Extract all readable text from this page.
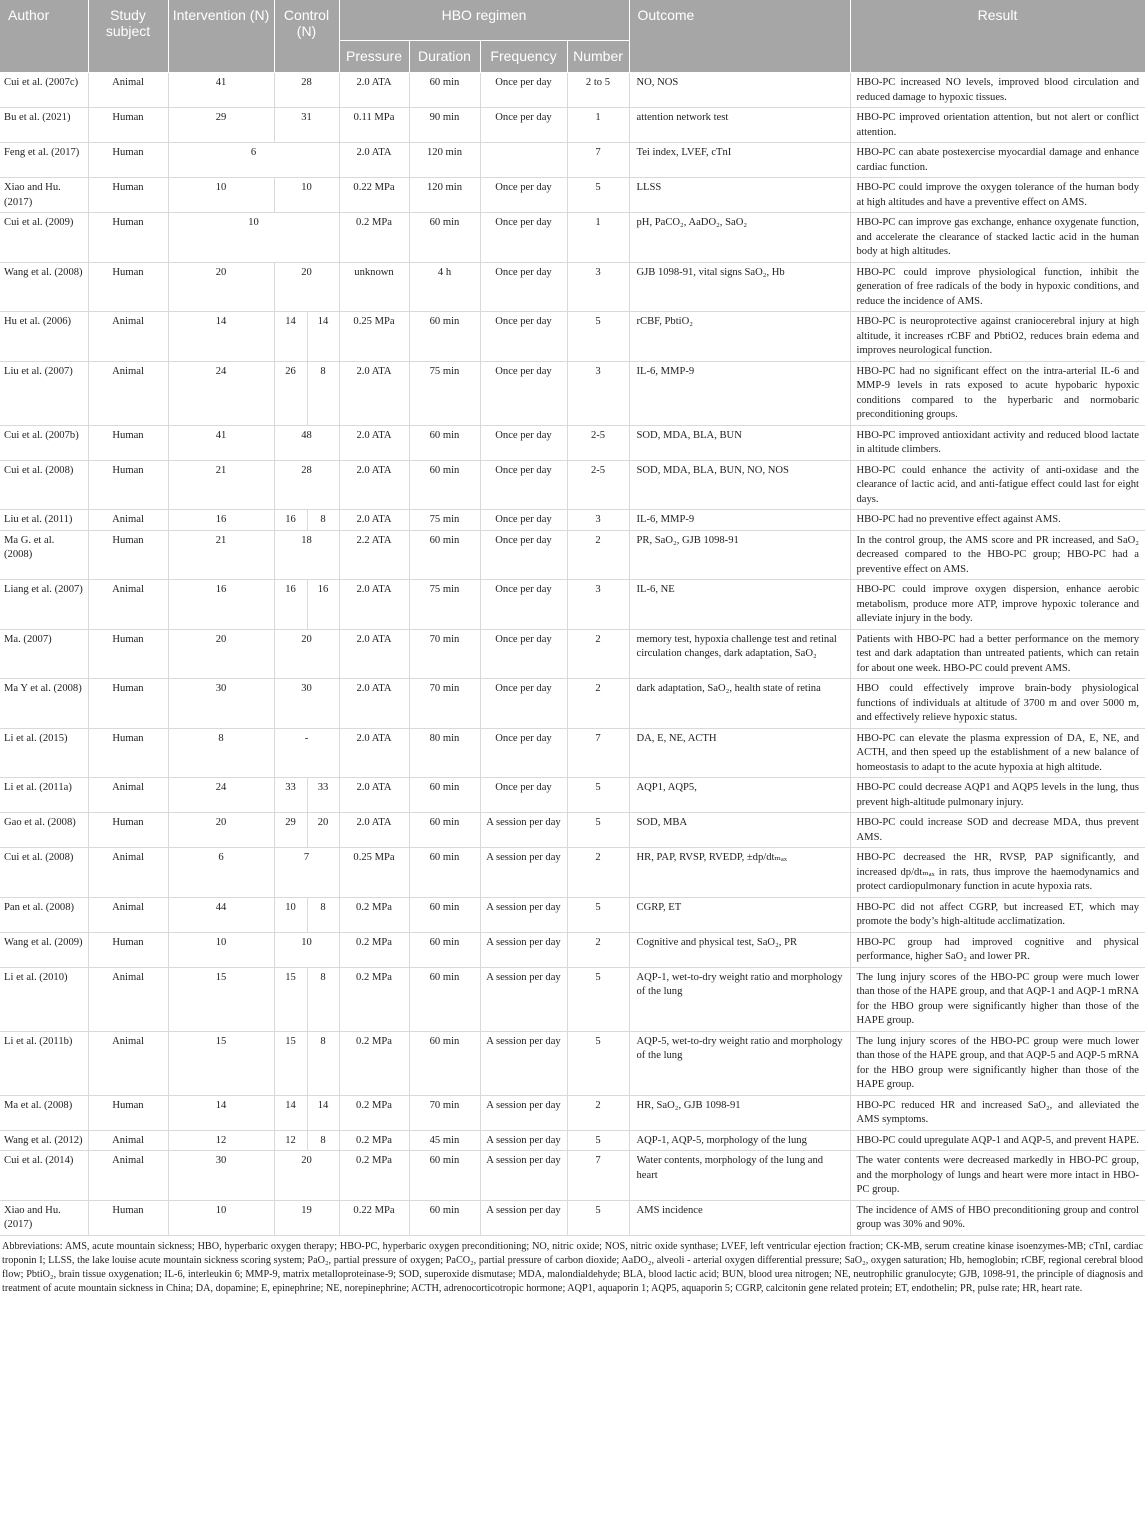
Author	Study subject	Intervention (N)	Control (N)		HBO regimen				Outcome	Result
					Pressure	Duration	Frequency	Number		
Cui et al. (2007c)	Animal	41	28		2.0 ATA	60 min	Once per day	2 to 5	NO, NOS	HBO-PC increased NO levels, improved blood circulation and reduced damage to hypoxic tissues.
Bu et al. (2021)	Human	29	31		0.11 MPa	90 min	Once per day	1	attention network test	HBO-PC improved orientation attention, but not alert or conflict attention.
Feng et al. (2017)	Human	6			2.0 ATA	120 min		7	Tei index, LVEF, cTnI	HBO-PC can abate postexercise myocardial damage and enhance cardiac function.
Xiao and Hu. (2017)	Human	10	10		0.22 MPa	120 min	Once per day	5	LLSS	HBO-PC could improve the oxygen tolerance of the human body at high altitudes and have a preventive effect on AMS.
Cui et al. (2009)	Human	10			0.2 MPa	60 min	Once per day	1	pH, PaCO₂, AaDO₂, SaO₂	HBO-PC can improve gas exchange, enhance oxygenate function, and accelerate the clearance of stacked lactic acid in the human body at high altitudes.
Wang et al. (2008)	Human	20	20		unknown	4 h	Once per day	3	GJB 1098-91, vital signs SaO₂, Hb	HBO-PC could improve physiological function, inhibit the generation of free radicals of the body in hypoxic conditions, and reduce the incidence of AMS.
Hu et al. (2006)	Animal	14	14	14	0.25 MPa	60 min	Once per day	5	rCBF, PbtiO₂	HBO-PC is neuroprotective against craniocerebral injury at high altitude, it increases rCBF and PbtiO2, reduces brain edema and improves neurological function.
Liu et al. (2007)	Animal	24	26	8	2.0 ATA	75 min	Once per day	3	IL-6, MMP-9	HBO-PC had no significant effect on the intra-arterial IL-6 and MMP-9 levels in rats exposed to acute hypobaric hypoxic conditions compared to the hyperbaric and normobaric preconditioning groups.
Cui et al. (2007b)	Human	41	48		2.0 ATA	60 min	Once per day	2-5	SOD, MDA, BLA, BUN	HBO-PC improved antioxidant activity and reduced blood lactate in altitude climbers.
Cui et al. (2008)	Human	21	28		2.0 ATA	60 min	Once per day	2-5	SOD, MDA, BLA, BUN, NO, NOS	HBO-PC could enhance the activity of anti-oxidase and the clearance of lactic acid, and anti-fatigue effect could last for eight days.
Liu et al. (2011)	Animal	16	16	8	2.0 ATA	75 min	Once per day	3	IL-6, MMP-9	HBO-PC had no preventive effect against AMS.
Ma G. et al. (2008)	Human	21	18		2.2 ATA	60 min	Once per day	2	PR, SaO₂, GJB 1098-91	In the control group, the AMS score and PR increased, and SaO₂ decreased compared to the HBO-PC group; HBO-PC had a preventive effect on AMS.
Liang et al. (2007)	Animal	16	16	16	2.0 ATA	75 min	Once per day	3	IL-6, NE	HBO-PC could improve oxygen dispersion, enhance aerobic metabolism, produce more ATP, improve hypoxic tolerance and alleviate injury in the body.
Ma. (2007)	Human	20	20		2.0 ATA	70 min	Once per day	2	memory test, hypoxia challenge test and retinal circulation changes, dark adaptation, SaO₂	Patients with HBO-PC had a better performance on the memory test and dark adaptation than untreated patients, which can retain for about one week. HBO-PC could prevent AMS.
Ma Y et al. (2008)	Human	30	30		2.0 ATA	70 min	Once per day	2	dark adaptation, SaO₂, health state of retina	HBO could effectively improve brain-body physiological functions of individuals at altitude of 3700 m and over 5000 m, and effectively relieve hypoxic status.
Li et al. (2015)	Human	8	-		2.0 ATA	80 min	Once per day	7	DA, E, NE, ACTH	HBO-PC can elevate the plasma expression of DA, E, NE, and ACTH, and then speed up the establishment of a new balance of homeostasis to adapt to the acute hypoxia at high altitude.
Li et al. (2011a)	Animal	24	33	33	2.0 ATA	60 min	Once per day	5	AQP1, AQP5,	HBO-PC could decrease AQP1 and AQP5 levels in the lung, thus prevent high-altitude pulmonary injury.
Gao et al. (2008)	Human	20	29	20	2.0 ATA	60 min	A session per day	5	SOD, MBA	HBO-PC could increase SOD and decrease MDA, thus prevent AMS.
Cui et al. (2008)	Animal	6	7		0.25 MPa	60 min	A session per day	2	HR, PAP, RVSP, RVEDP, ±dp/dtₘₐₓ	HBO-PC decreased the HR, RVSP, PAP significantly, and increased dp/dtₘₐₓ in rats, thus improve the haemodynamics and protect cardiopulmonary function in acute hypoxia rats.
Pan et al. (2008)	Animal	44	10	8	0.2 MPa	60 min	A session per day	5	CGRP, ET	HBO-PC did not affect CGRP, but increased ET, which may promote the body’s high-altitude acclimatization.
Wang et al. (2009)	Human	10	10		0.2 MPa	60 min	A session per day	2	Cognitive and physical test, SaO₂, PR	HBO-PC group had improved cognitive and physical performance, higher SaO₂ and lower PR.
Li et al. (2010)	Animal	15	15	8	0.2 MPa	60 min	A session per day	5	AQP-1, wet-to-dry weight ratio and morphology of the lung	The lung injury scores of the HBO-PC group were much lower than those of the HAPE group, and that AQP-1 and AQP-1 mRNA for the HBO group were significantly higher than those of the HAPE group.
Li et al. (2011b)	Animal	15	15	8	0.2 MPa	60 min	A session per day	5	AQP-5, wet-to-dry weight ratio and morphology of the lung	The lung injury scores of the HBO-PC group were much lower than those of the HAPE group, and that AQP-5 and AQP-5 mRNA for the HBO group were significantly higher than those of the HAPE group.
Ma et al. (2008)	Human	14	14	14	0.2 MPa	70 min	A session per day	2	HR, SaO₂, GJB 1098-91	HBO-PC reduced HR and increased SaO₂, and alleviated the AMS symptoms.
Wang et al. (2012)	Animal	12	12	8	0.2 MPa	45 min	A session per day	5	AQP-1, AQP-5, morphology of the lung	HBO-PC could upregulate AQP-1 and AQP-5, and prevent HAPE.
Cui et al. (2014)	Animal	30	20		0.2 MPa	60 min	A session per day	7	Water contents, morphology of the lung and heart	The water contents were decreased markedly in HBO-PC group, and the morphology of lungs and heart were more intact in HBO-PC group.
Xiao and Hu. (2017)	Human	10	19		0.22 MPa	60 min	A session per day	5	AMS incidence	The incidence of AMS of HBO preconditioning group and control group was 30% and 90%.
Abbreviations: AMS, acute mountain sickness; HBO, hyperbaric oxygen therapy; HBO-PC, hyperbaric oxygen preconditioning; NO, nitric oxide; NOS, nitric oxide synthase; LVEF, left ventricular ejection fraction; CK-MB, serum creatine kinase isoenzymes-MB; cTnI, cardiac troponin I; LLSS, the lake louise acute mountain sickness scoring system; PaO₂, partial pressure of oxygen; PaCO₂, partial pressure of carbon dioxide; AaDO₂, alveoli - arterial oxygen differential pressure; SaO₂, oxygen saturation; Hb, hemoglobin; rCBF, regional cerebral blood flow; PbtiO₂, brain tissue oxygenation; IL-6, interleukin 6; MMP-9, matrix metalloproteinase-9; SOD, superoxide dismutase; MDA, malondialdehyde; BLA, blood lactic acid; BUN, blood urea nitrogen; NE, neutrophilic granulocyte; GJB, 1098-91, the principle of diagnosis and treatment of acute mountain sickness in China; DA, dopamine; E, epinephrine; NE, norepinephrine; ACTH, adrenocorticotropic hormone; AQP1, aquaporin 1; AQP5, aquaporin 5; CGRP, calcitonin gene related protein; ET, endothelin; PR, pulse rate; HR, heart rate.
